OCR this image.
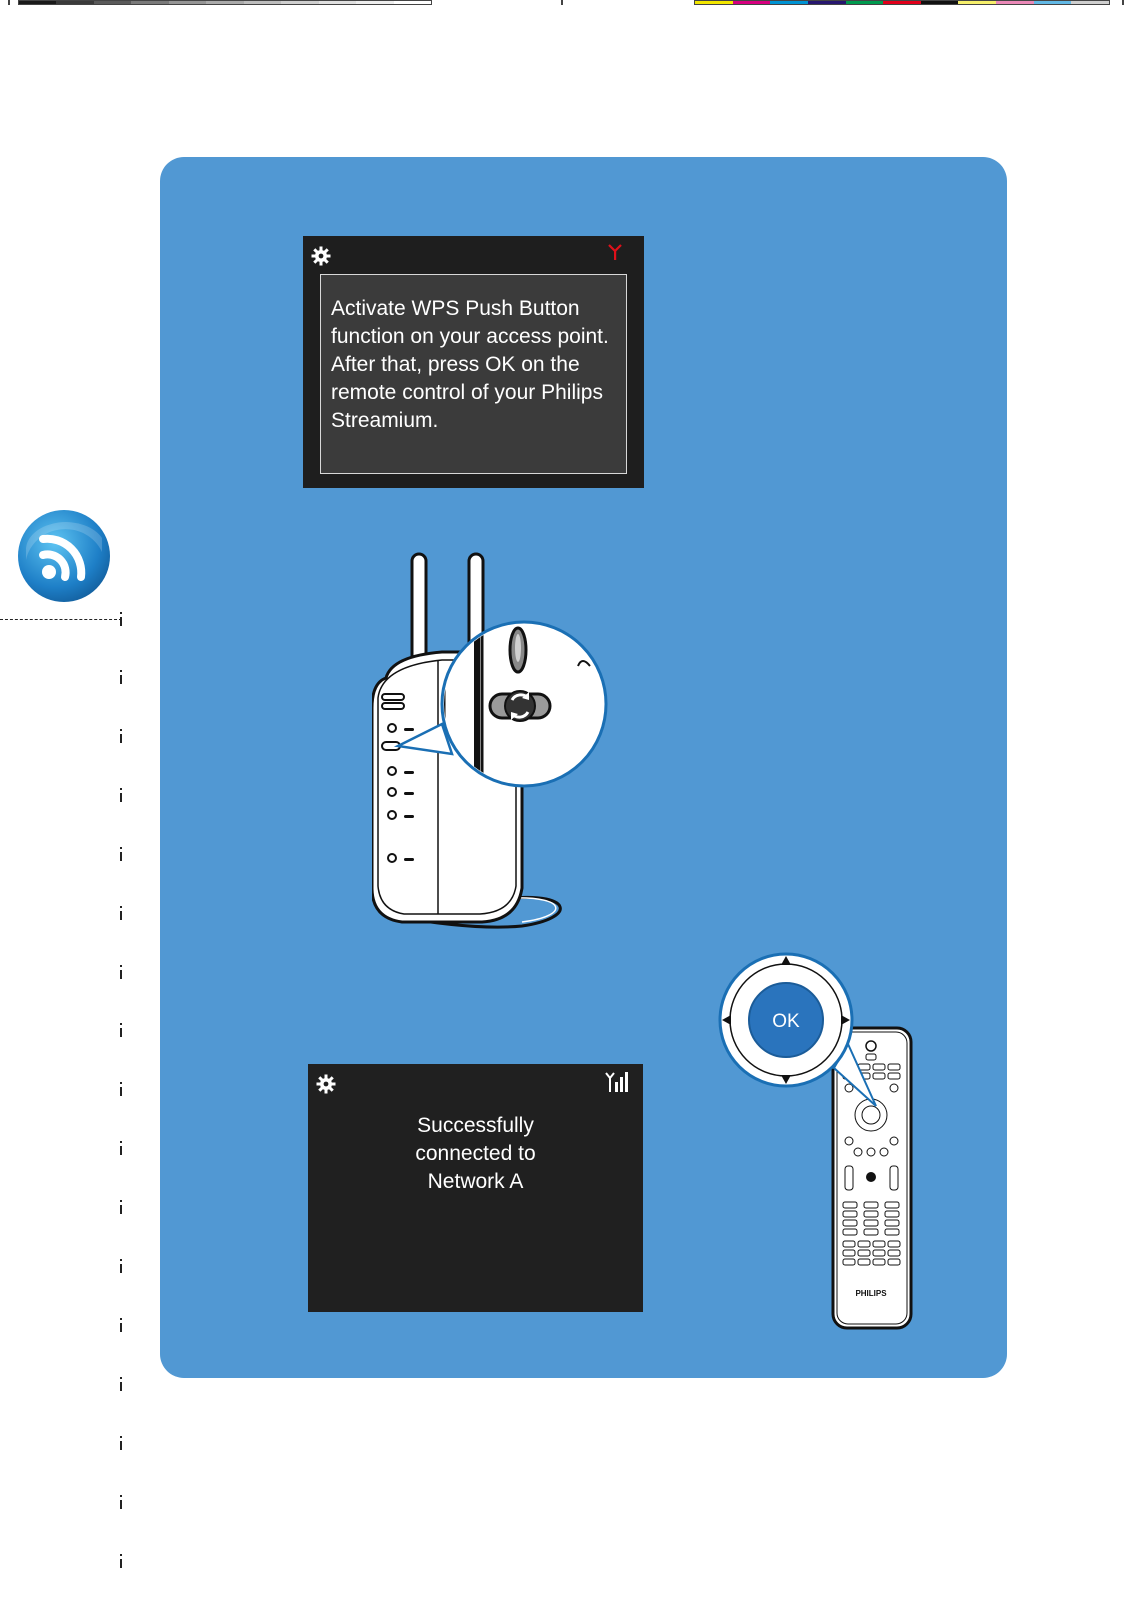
Activate WPS Push Button function on your access point. After that, press OK on the remote control of your Philips Streamium.

PHILIPS
OK
Successfully
connected to
Network A
